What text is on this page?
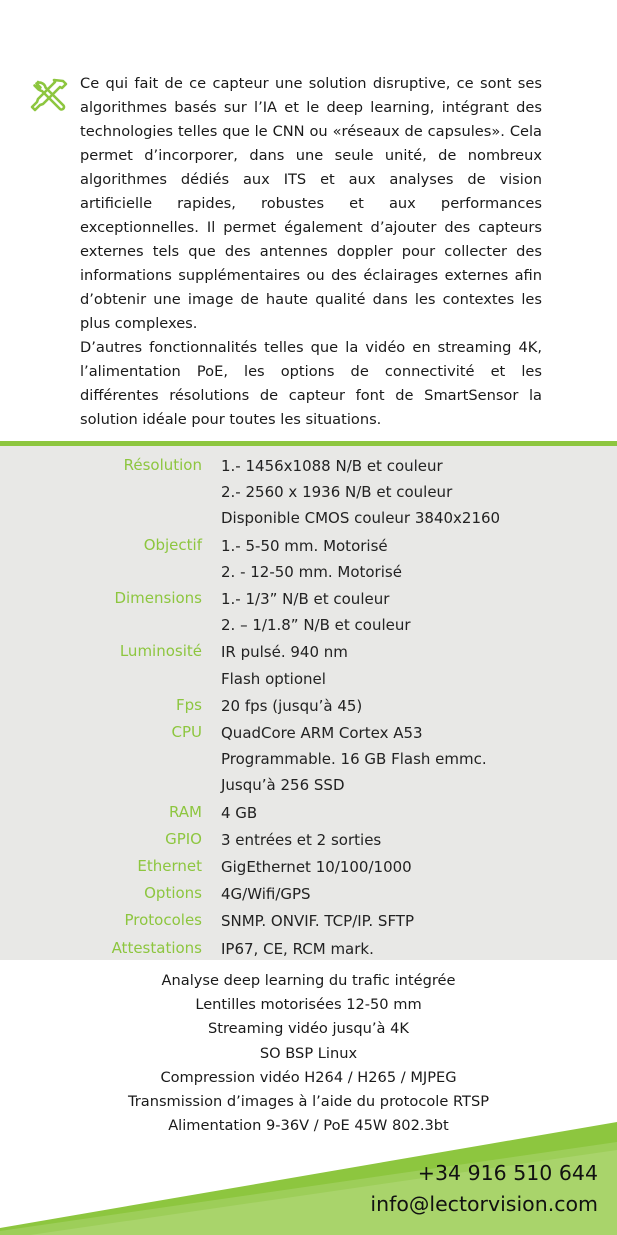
Ce qui fait de ce capteur une solution disruptive, ce sont ses algorithmes basés sur l’IA et le deep learning, intégrant des technologies telles que le CNN ou «réseaux de capsules». Cela permet d’incorporer, dans une seule unité, de nombreux algorithmes dédiés aux ITS et aux analyses de vision artificielle rapides, robustes et aux performances exceptionnelles. Il permet également d’ajouter des capteurs externes tels que des antennes doppler pour collecter des informations supplémentaires ou des éclairages externes afin d’obtenir une image de haute qualité dans les contextes les plus complexes.

D’autres fonctionnalités telles que la vidéo en streaming 4K, l’alimentation PoE, les options de connectivité et les différentes résolutions de capteur font de SmartSensor la solution idéale pour toutes les situations.

Résolution	1.- 1456x1088 N/B et couleur
2.- 2560 x 1936 N/B et couleur
Disponible CMOS couleur 3840x2160
Objectif	1.- 5-50 mm. Motorisé
2. - 12-50 mm. Motorisé
Dimensions	1.- 1/3” N/B et couleur
2. – 1/1.8” N/B et couleur
Luminosité	IR pulsé. 940 nm
Flash optionel
Fps	20 fps (jusqu’à 45)
CPU	QuadCore ARM Cortex A53
Programmable. 16 GB Flash emmc.
Jusqu’à 256 SSD
RAM	4 GB
GPIO	3 entrées et 2 sorties
Ethernet	GigEthernet 10/100/1000
Options	4G/Wifi/GPS
Protocoles	SNMP. ONVIF. TCP/IP. SFTP
Attestations	IP67, CE, RCM mark.
Analyse deep learning du trafic intégrée
Lentilles motorisées 12-50 mm
Streaming vidéo jusqu’à 4K
SO BSP Linux
Compression vidéo H264 / H265 / MJPEG
Transmission d’images à l’aide du protocole RTSP
Alimentation 9-36V / PoE 45W 802.3bt
+34 916 510 644
info@lectorvision.com
